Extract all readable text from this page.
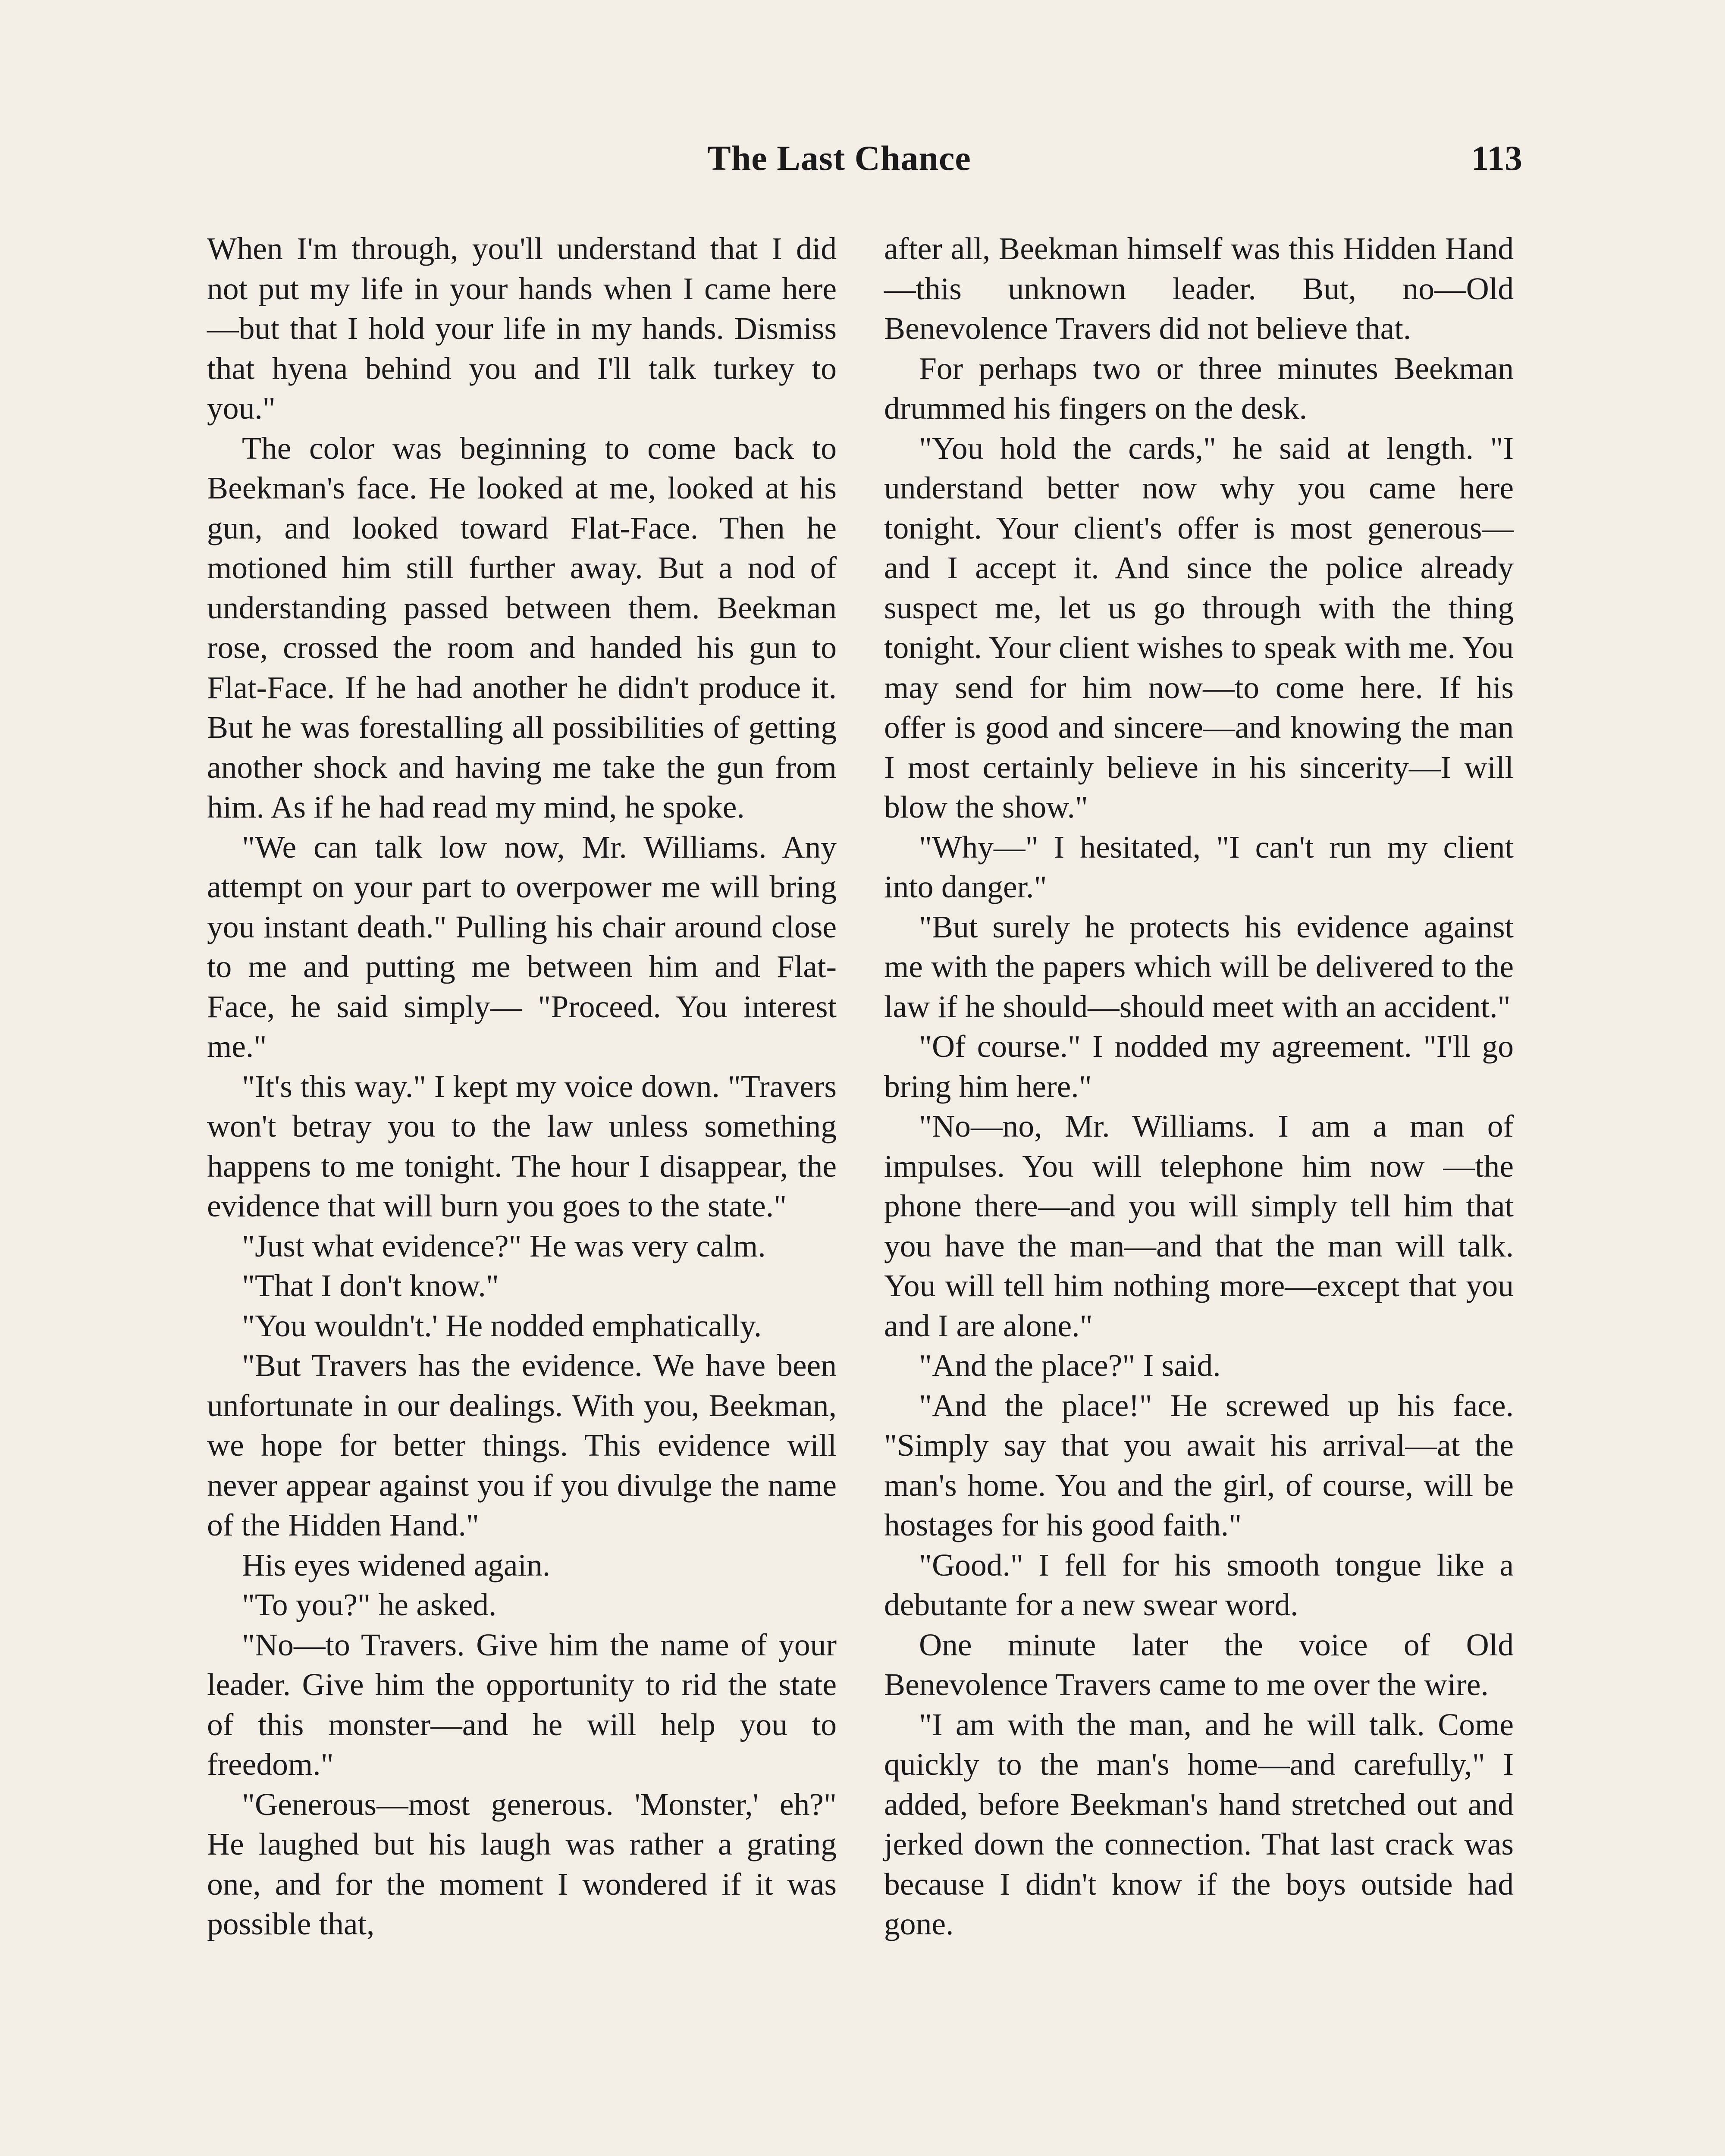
The Last Chance	113

When I'm through, you'll understand that I did not put my life in your hands when I came here—but that I hold your life in my hands. Dismiss that hyena behind you and I'll talk turkey to you."

The color was beginning to come back to Beekman's face. He looked at me, looked at his gun, and looked toward Flat-Face. Then he motioned him still further away. But a nod of understanding passed between them. Beekman rose, crossed the room and handed his gun to Flat-Face. If he had another he didn't produce it. But he was forestalling all possibilities of getting another shock and having me take the gun from him. As if he had read my mind, he spoke.

"We can talk low now, Mr. Williams. Any attempt on your part to overpower me will bring you instant death." Pulling his chair around close to me and putting me between him and Flat-Face, he said simply— "Proceed. You interest me."

"It's this way." I kept my voice down. "Travers won't betray you to the law unless something happens to me tonight. The hour I disappear, the evidence that will burn you goes to the state."

"Just what evidence?" He was very calm.

"That I don't know."

"You wouldn't.' He nodded emphatically.

"But Travers has the evidence. We have been unfortunate in our dealings. With you, Beekman, we hope for better things. This evidence will never appear against you if you divulge the name of the Hidden Hand."

His eyes widened again.

"To you?" he asked.

"No—to Travers. Give him the name of your leader. Give him the opportunity to rid the state of this monster—and he will help you to freedom."

"Generous—most generous. 'Monster,' eh?" He laughed but his laugh was rather a grating one, and for the moment I wondered if it was possible that,

after all, Beekman himself was this Hidden Hand—this unknown leader. But, no—Old Benevolence Travers did not believe that.

For perhaps two or three minutes Beekman drummed his fingers on the desk.

"You hold the cards," he said at length. "I understand better now why you came here tonight. Your client's offer is most generous—and I accept it. And since the police already suspect me, let us go through with the thing tonight. Your client wishes to speak with me. You may send for him now—to come here. If his offer is good and sincere—and knowing the man I most certainly believe in his sincerity—I will blow the show."

"Why—" I hesitated, "I can't run my client into danger."

"But surely he protects his evidence against me with the papers which will be delivered to the law if he should—should meet with an accident."

"Of course." I nodded my agreement. "I'll go bring him here."

"No—no, Mr. Williams. I am a man of impulses. You will telephone him now —the phone there—and you will simply tell him that you have the man—and that the man will talk. You will tell him nothing more—except that you and I are alone."

"And the place?" I said.

"And the place!" He screwed up his face. "Simply say that you await his arrival—at the man's home. You and the girl, of course, will be hostages for his good faith."

"Good." I fell for his smooth tongue like a debutante for a new swear word.

One minute later the voice of Old Benevolence Travers came to me over the wire.

"I am with the man, and he will talk. Come quickly to the man's home—and carefully," I added, before Beekman's hand stretched out and jerked down the connection. That last crack was because I didn't know if the boys outside had gone.
